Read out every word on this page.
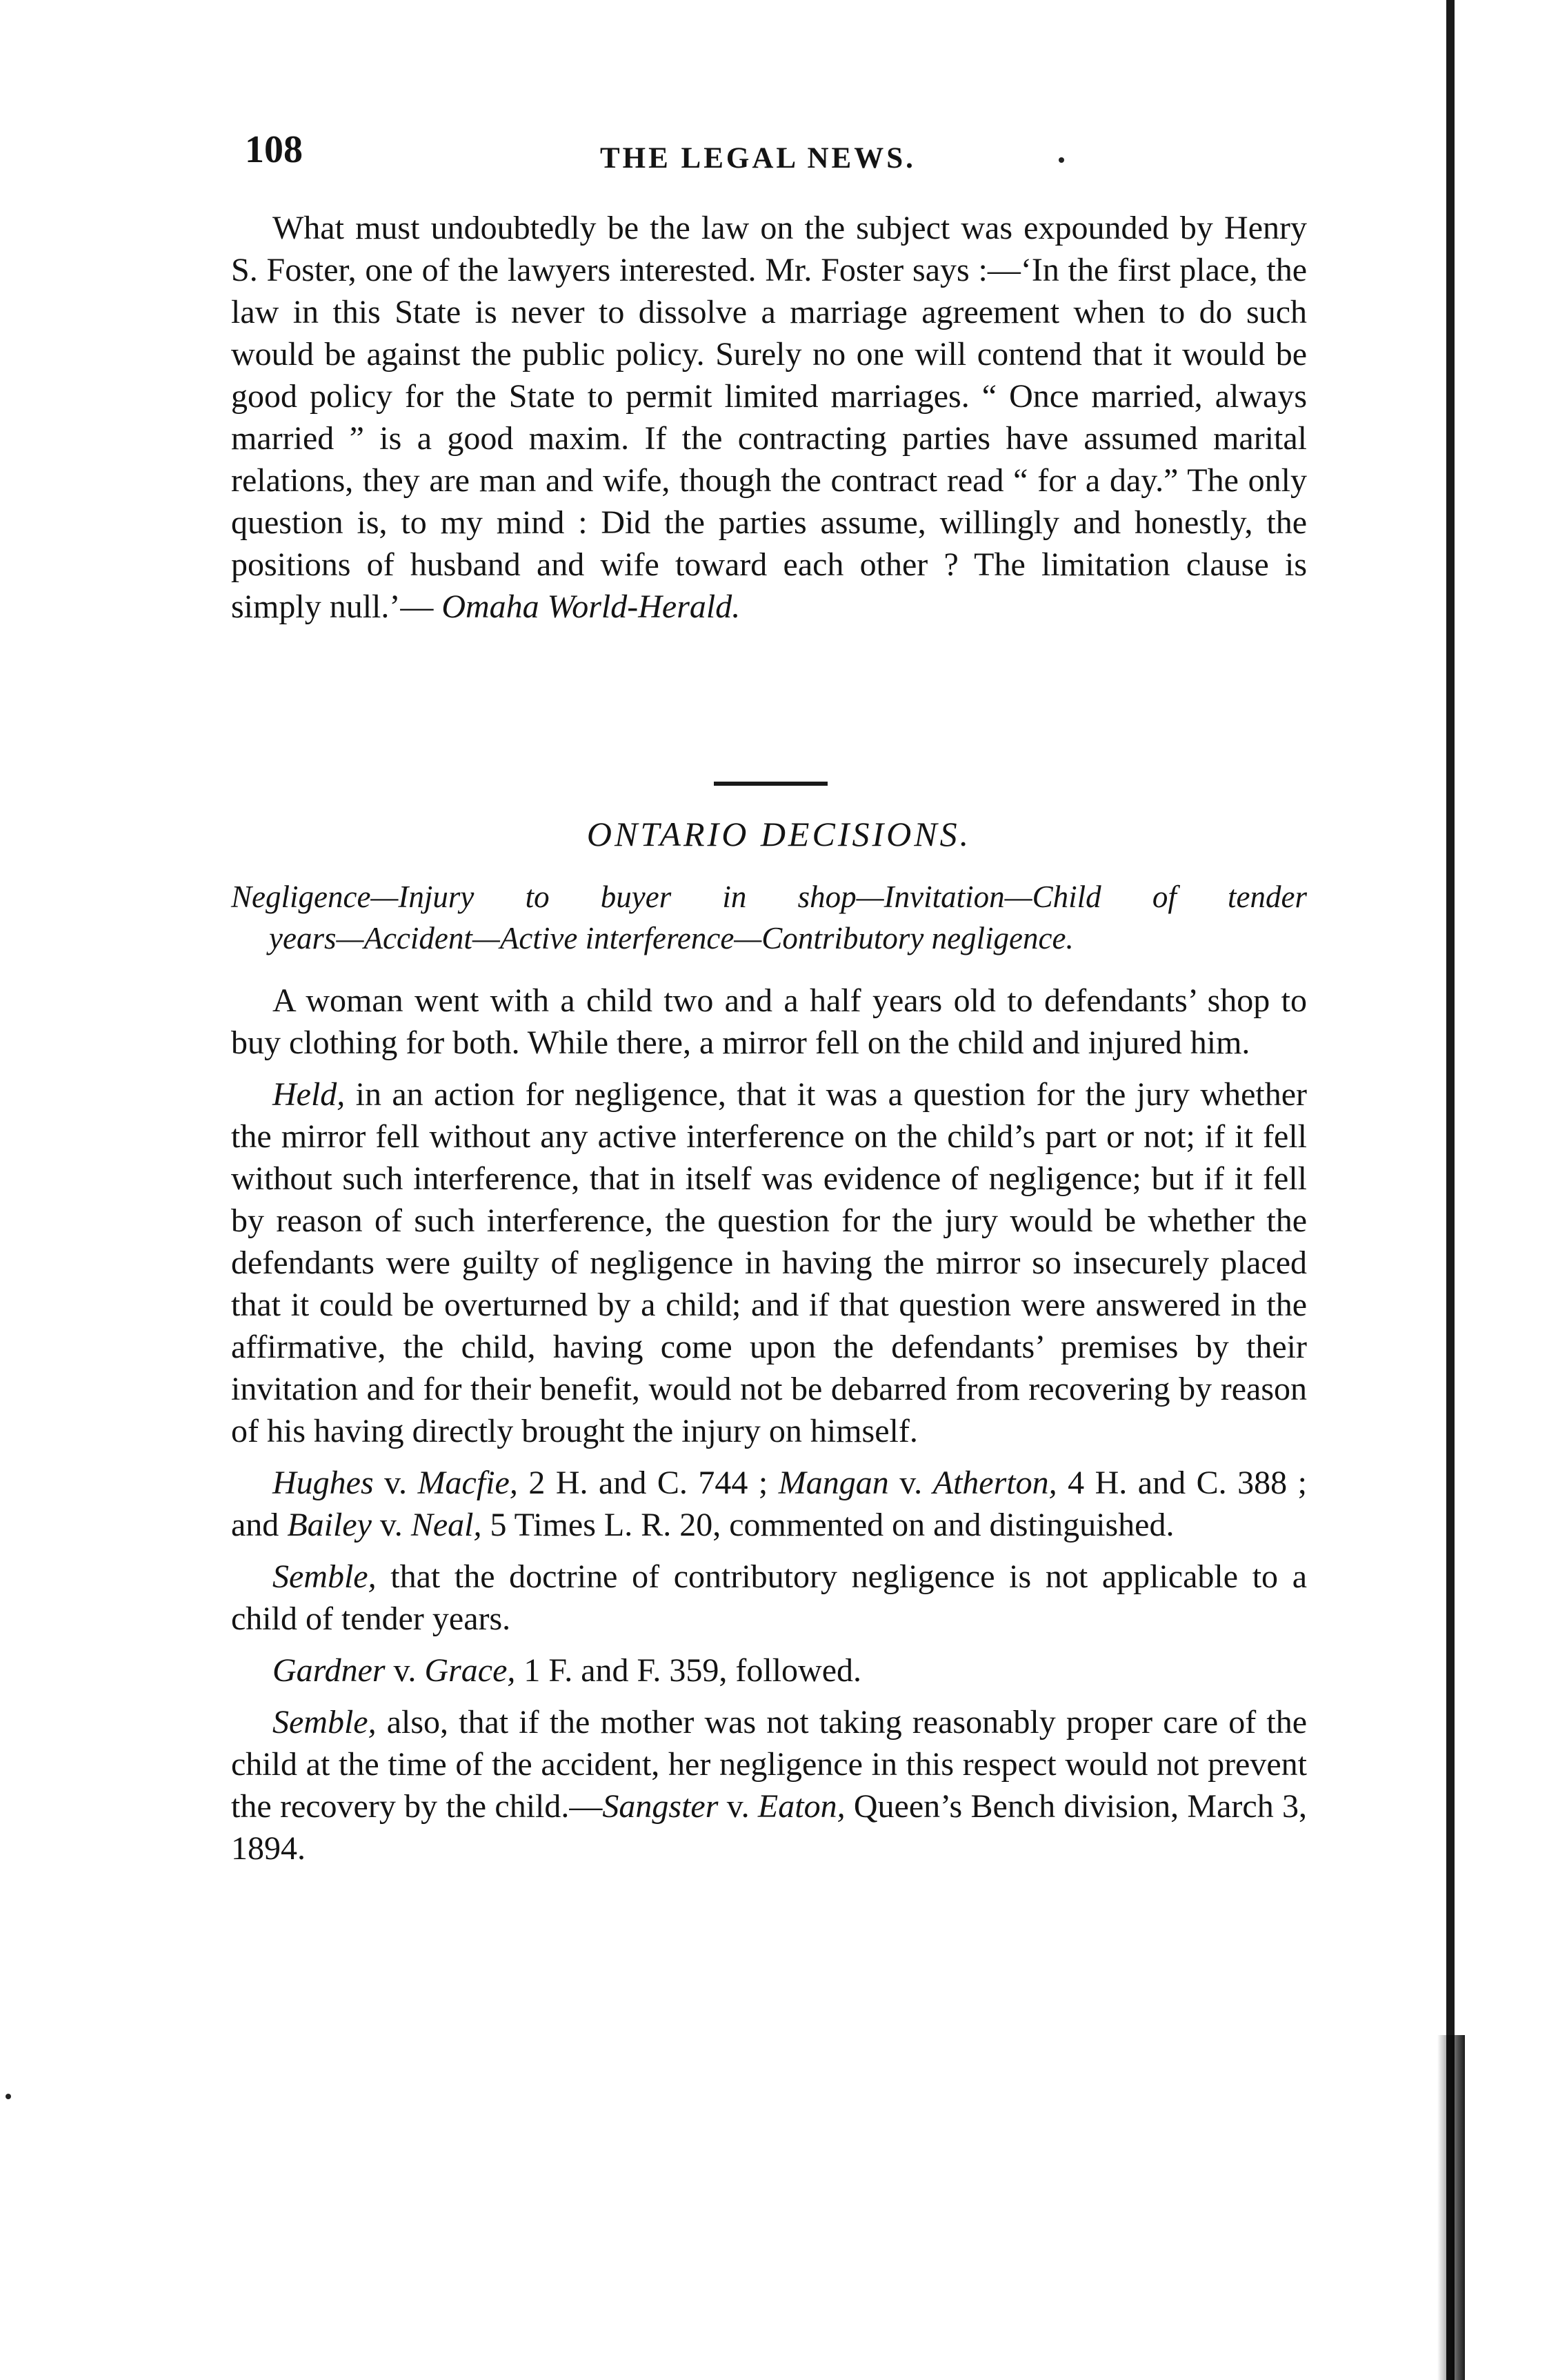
108	THE LEGAL NEWS.

What must undoubtedly be the law on the subject was expounded by Henry S. Foster, one of the lawyers interested. Mr. Foster says :—‘In the first place, the law in this State is never to dissolve a marriage agreement when to do such would be against the public policy. Surely no one will contend that it would be good policy for the State to permit limited marriages. “ Once married, always married ” is a good maxim. If the contracting parties have assumed marital relations, they are man and wife, though the contract read “ for a day.” The only question is, to my mind : Did the parties assume, willingly and honestly, the positions of husband and wife toward each other ? The limitation clause is simply null.’— Omaha World-Herald.

ONTARIO DECISIONS.
Negligence—Injury to buyer in shop—Invitation—Child of tender
years—Accident—Active interference—Contributory negligence.

A woman went with a child two and a half years old to defendants’ shop to buy clothing for both. While there, a mirror fell on the child and injured him.

Held, in an action for negligence, that it was a question for the jury whether the mirror fell without any active interference on the child’s part or not; if it fell without such interference, that in itself was evidence of negligence; but if it fell by reason of such interference, the question for the jury would be whether the defendants were guilty of negligence in having the mirror so insecurely placed that it could be overturned by a child; and if that question were answered in the affirmative, the child, having come upon the defendants’ premises by their invitation and for their benefit, would not be debarred from recovering by reason of his having directly brought the injury on himself.

Hughes v. Macfie, 2 H. and C. 744 ; Mangan v. Atherton, 4 H. and C. 388 ; and Bailey v. Neal, 5 Times L. R. 20, commented on and distinguished.

Semble, that the doctrine of contributory negligence is not applicable to a child of tender years.

Gardner v. Grace, 1 F. and F. 359, followed.

Semble, also, that if the mother was not taking reasonably proper care of the child at the time of the accident, her negligence in this respect would not prevent the recovery by the child.—Sangster v. Eaton, Queen’s Bench division, March 3, 1894.
